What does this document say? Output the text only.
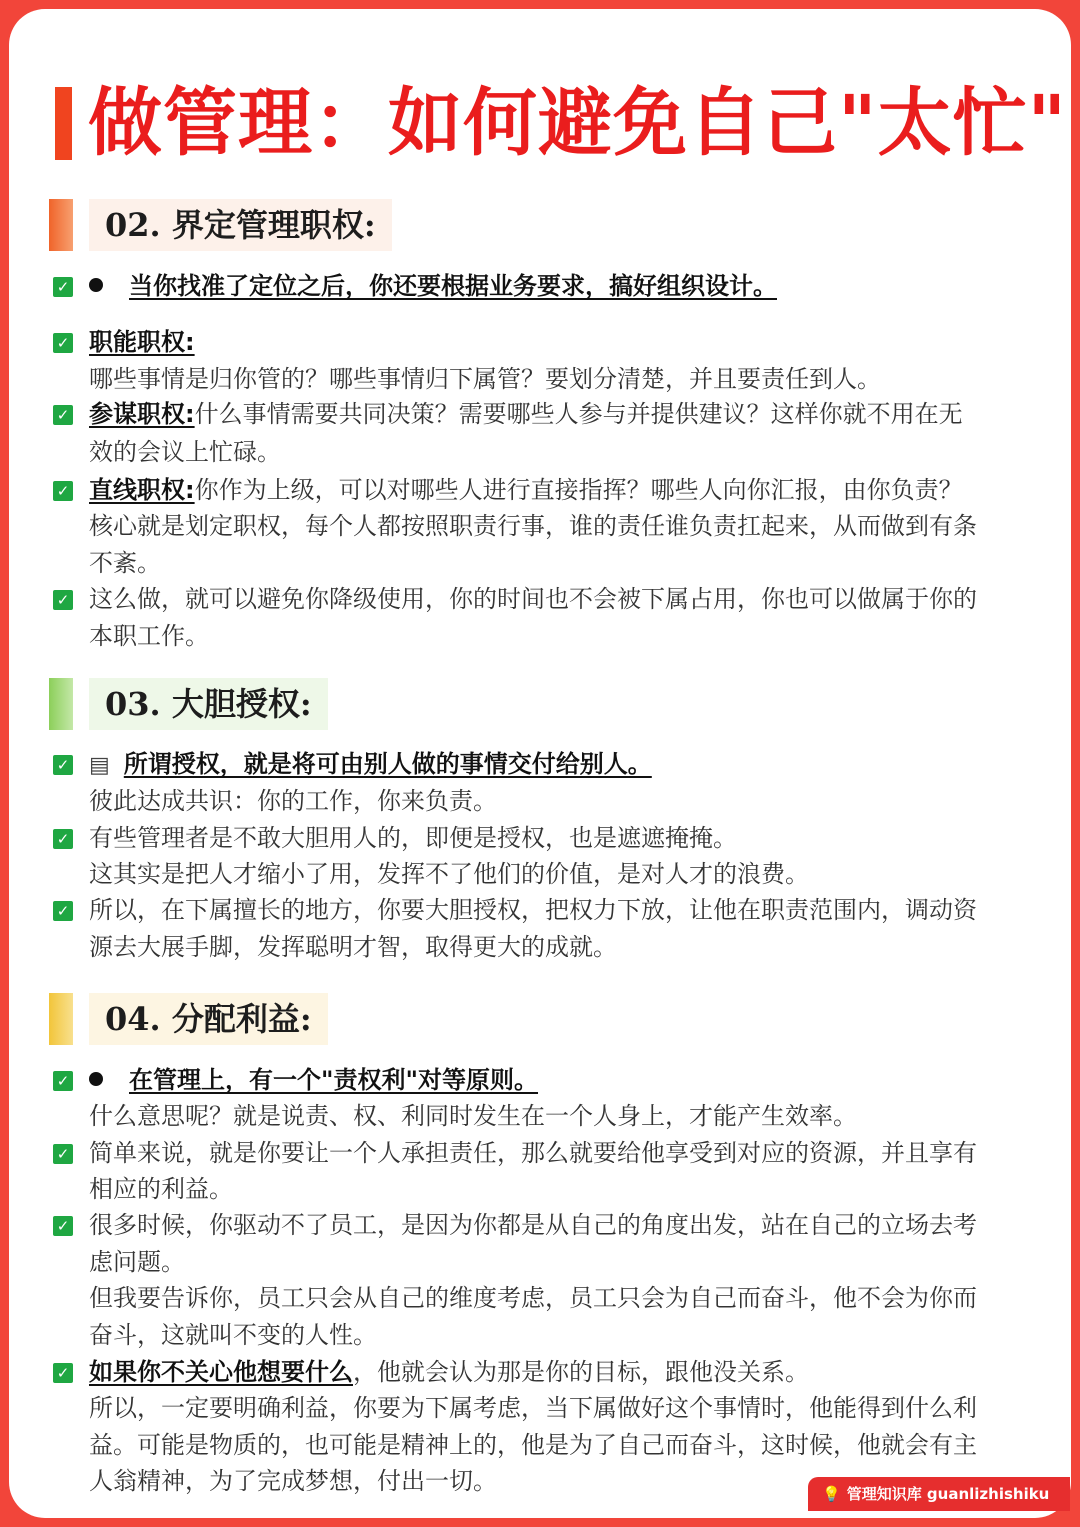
做管理：如何避免自己"太忙"
02. 界定管理职权:
✓	当你找准了定位之后，你还要根据业务要求，搞好组织设计。
✓ 职能职权:
哪些事情是归你管的？哪些事情归下属管？要划分清楚，并且要责任到人。
✓ 参谋职权:什么事情需要共同决策？需要哪些人参与并提供建议？这样你就不用在无
效的会议上忙碌。
✓ 直线职权:你作为上级，可以对哪些人进行直接指挥？哪些人向你汇报，由你负责？
核心就是划定职权，每个人都按照职责行事，谁的责任谁负责扛起来，从而做到有条
不紊。
✓ 这么做，就可以避免你降级使用，你的时间也不会被下属占用，你也可以做属于你的
本职工作。
03. 大胆授权:
✓ ▤ 所谓授权，就是将可由别人做的事情交付给别人。
彼此达成共识：你的工作，你来负责。
✓ 有些管理者是不敢大胆用人的，即便是授权，也是遮遮掩掩。
这其实是把人才缩小了用，发挥不了他们的价值，是对人才的浪费。
✓ 所以，在下属擅长的地方，你要大胆授权，把权力下放，让他在职责范围内，调动资
源去大展手脚，发挥聪明才智，取得更大的成就。
04. 分配利益:
✓	在管理上，有一个"责权利"对等原则。
什么意思呢？就是说责、权、利同时发生在一个人身上，才能产生效率。
✓ 简单来说，就是你要让一个人承担责任，那么就要给他享受到对应的资源，并且享有
相应的利益。
✓ 很多时候，你驱动不了员工，是因为你都是从自己的角度出发，站在自己的立场去考
虑问题。
但我要告诉你，员工只会从自己的维度考虑，员工只会为自己而奋斗，他不会为你而
奋斗，这就叫不变的人性。
✓ 如果你不关心他想要什么，他就会认为那是你的目标，跟他没关系。
所以，一定要明确利益，你要为下属考虑，当下属做好这个事情时，他能得到什么利
益。可能是物质的，也可能是精神上的，他是为了自己而奋斗，这时候，他就会有主
人翁精神，为了完成梦想，付出一切。	💡 管理知识库 guanlizhishiku
